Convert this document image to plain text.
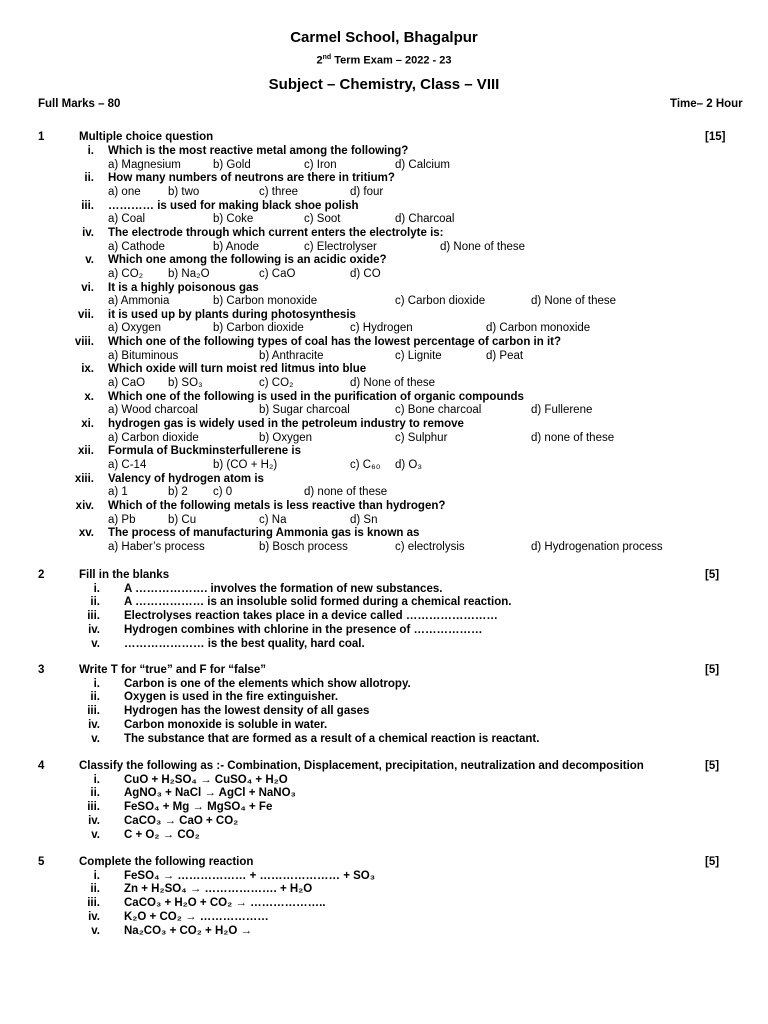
Carmel School, Bhagalpur
2nd Term Exam – 2022 - 23
Subject – Chemistry, Class – VIII
Full Marks – 80	Time– 2 Hour
1	Multiple choice question	[15]
i. Which is the most reactive metal among the following?
a) Magnesium	b) Gold	c) Iron	d) Calcium
ii. How many numbers of neutrons are there in tritium?
a) one b) two	c) three	d) four
iii. ………… is used for making black shoe polish
a) Coal	b) Coke	c) Soot	d) Charcoal
iv. The electrode through which current enters the electrolyte is:
a) Cathode	b) Anode	c) Electrolyser	d) None of these
v. Which one among the following is an acidic oxide?
a) CO₂ b) Na₂O	c) CaO	d) CO
vi. It is a highly poisonous gas
a) Ammonia	b) Carbon monoxide	c) Carbon dioxide	d) None of these
vii. it is used up by plants during photosynthesis
a) Oxygen	b) Carbon dioxide	c) Hydrogen	d) Carbon monoxide
viii. Which one of the following types of coal has the lowest percentage of carbon in it?
a) Bituminous	b) Anthracite	c) Lignite	d) Peat
ix. Which oxide will turn moist red litmus into blue
a) CaO b) SO₃	c) CO₂	d) None of these
x. Which one of the following is used in the purification of organic compounds
a) Wood charcoal	b) Sugar charcoal	c) Bone charcoal	d) Fullerene
xi. hydrogen gas is widely used in the petroleum industry to remove
a) Carbon dioxide	b) Oxygen	c) Sulphur	d) none of these
xii. Formula of Buckminsterfullerene is
a) C-14	b) (CO + H₂)	c) C₆₀ d) O₃
xiii. Valency of hydrogen atom is
a) 1	b) 2 c) 0	d) none of these
xiv. Which of the following metals is less reactive than hydrogen?
a) Pb	b) Cu	c) Na	d) Sn
xv. The process of manufacturing Ammonia gas is known as
a) Haber’s process	b) Bosch process	c) electrolysis	d) Hydrogenation process
2	Fill in the blanks	[5]
i. A ………………. involves the formation of new substances.
ii. A ……………… is an insoluble solid formed during a chemical reaction.
iii. Electrolyses reaction takes place in a device called ……………………
iv. Hydrogen combines with chlorine in the presence of ………………
v. ………………… is the best quality, hard coal.
3	Write T for “true” and F for “false”	[5]
i. Carbon is one of the elements which show allotropy.
ii. Oxygen is used in the fire extinguisher.
iii. Hydrogen has the lowest density of all gases
iv. Carbon monoxide is soluble in water.
v. The substance that are formed as a result of a chemical reaction is reactant.
4	Classify the following as :- Combination, Displacement, precipitation, neutralization and decomposition	[5]
i. CuO + H₂SO₄ → CuSO₄ + H₂O
ii. AgNO₃ + NaCl → AgCl + NaNO₃
iii. FeSO₄ + Mg → MgSO₄ + Fe
iv. CaCO₃ → CaO + CO₂
v. C + O₂ → CO₂
5	Complete the following reaction	[5]
i. FeSO₄ → ……………… + ………………… + SO₃
ii. Zn + H₂SO₄ → ………………. + H₂O
iii. CaCO₃ + H₂O + CO₂ → ………………..
iv. K₂O + CO₂ → ………………
v. Na₂CO₃ + CO₂ + H₂O →
